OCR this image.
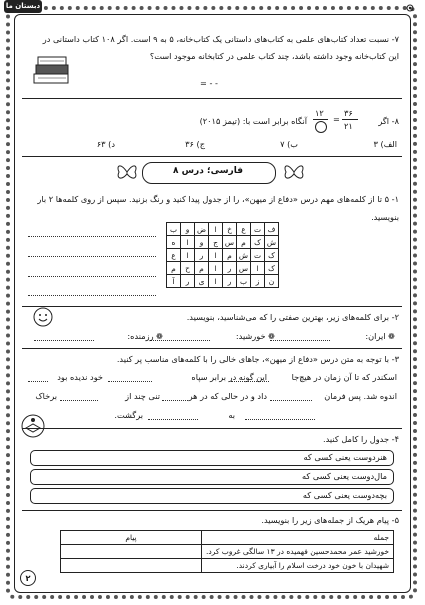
دبستان ما
۷- نسبت تعداد کتاب‌های علمی به کتاب‌های داستانی یک کتاب‌خانه، ۵ به ۹ است. اگر ۱۰۸ کتاب داستانی در
این کتاب‌خانه وجود داشته باشد، چند کتاب علمی در کتابخانه موجود است؟
= - -
۸- اگر
۳۶
۲۱
=
۱۲
آنگاه برابر است با: (تیمز ۲۰۱۵)
الف) ۳
ب) ۷
ج) ۳۶
د) ۶۳
فارسی؛ درس ۸
۱- ۵ تا از کلمه‌های مهم درس «دفاع از میهن»، را از جدول پیدا کنید و رنگ بزنید. سپس از روی کلمه‌ها ۲ بار
بنویسید.
ف	ت	ع	خ	ا	ض	و	ب
ش	ک	م	س	ج	و	ا	ه
ک	ت	ش	م	ا	ر	ا	ع
ک	ا	س	ر	ا	م	ح	م
ن	ز	ب	ر	ا	ی	ر	آ
۲- برای کلمه‌های زیر، بهترین صفتی را که می‌شناسید، بنویسید.
❁ ایران:
❁ خورشید:
❁ رزمنده:
۳- با توجه به متن درس «دفاع از میهن»، جاهای خالی را با کلمه‌های مناسب پر کنید.
اسکندر که تا آن زمان در هیچ‌جا
این گونه در برابر سپاه
خود ندیده بود
اندوه شد. پس فرمان
داد و در حالی که در هر
تنی چند از
برخاک
به
برگشت.
۴- جدول را کامل کنید.
هنردوست یعنی کسی که
مال‌دوست یعنی کسی که
بچه‌دوست یعنی کسی که
۵- پیام هریک از جمله‌های زیر را بنویسید.
جمله	پیام
خورشید عمر محمدحسین فهمیده در ۱۳ سالگی غروب کرد.	
شهیدان با خون خود درخت اسلام را آبیاری کردند.	
۲
